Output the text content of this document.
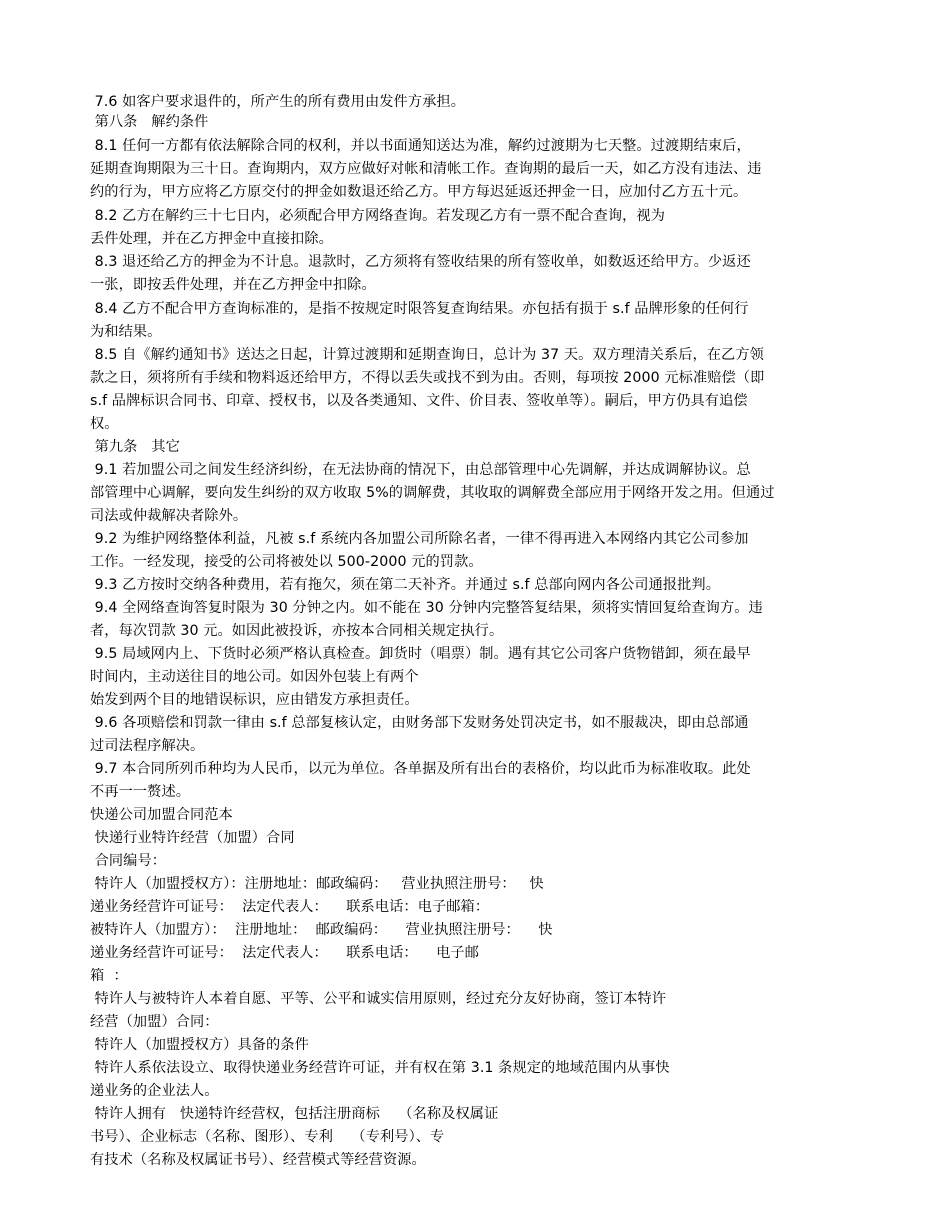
7.6 如客户要求退件的，所产生的所有费用由发件方承担。
第八条   解约条件
8.1 任何一方都有依法解除合同的权利，并以书面通知送达为准，解约过渡期为七天整。过渡期结束后，
延期查询期限为三十日。查询期内，双方应做好对帐和清帐工作。查询期的最后一天，如乙方没有违法、违
约的行为，甲方应将乙方原交付的押金如数退还给乙方。甲方每迟延返还押金一日，应加付乙方五十元。
8.2 乙方在解约三十七日内，必须配合甲方网络查询。若发现乙方有一票不配合查询，视为
丢件处理，并在乙方押金中直接扣除。
8.3 退还给乙方的押金为不计息。退款时，乙方须将有签收结果的所有签收单，如数返还给甲方。少返还
一张，即按丢件处理，并在乙方押金中扣除。
8.4 乙方不配合甲方查询标准的，是指不按规定时限答复查询结果。亦包括有损于 s.f 品牌形象的任何行
为和结果。
8.5 自《解约通知书》送达之日起，计算过渡期和延期查询日，总计为 37 天。双方理清关系后，在乙方领
款之日，须将所有手续和物料返还给甲方，不得以丢失或找不到为由。否则，每项按 2000 元标准赔偿（即
s.f 品牌标识合同书、印章、授权书，以及各类通知、文件、价目表、签收单等）。嗣后，甲方仍具有追偿
权。
第九条   其它
9.1 若加盟公司之间发生经济纠纷，在无法协商的情况下，由总部管理中心先调解，并达成调解协议。总
部管理中心调解，要向发生纠纷的双方收取 5%的调解费，其收取的调解费全部应用于网络开发之用。但通过
司法或仲裁解决者除外。
9.2 为维护网络整体利益，凡被 s.f 系统内各加盟公司所除名者，一律不得再进入本网络内其它公司参加
工作。一经发现，接受的公司将被处以 500-2000 元的罚款。
9.3 乙方按时交纳各种费用，若有拖欠，须在第二天补齐。并通过 s.f 总部向网内各公司通报批判。
9.4 全网络查询答复时限为 30 分钟之内。如不能在 30 分钟内完整答复结果，须将实情回复给查询方。违
者，每次罚款 30 元。如因此被投诉，亦按本合同相关规定执行。
9.5 局域网内上、下货时必须严格认真检查。卸货时（唱票）制。遇有其它公司客户货物错卸，须在最早
时间内，主动送往目的地公司。如因外包装上有两个
始发到两个目的地错误标识，应由错发方承担责任。
9.6 各项赔偿和罚款一律由 s.f 总部复核认定，由财务部下发财务处罚决定书，如不服裁决，即由总部通
过司法程序解决。
9.7 本合同所列币种均为人民币，以元为单位。各单据及所有出台的表格价，均以此币为标准收取。此处
不再一一赘述。
快递公司加盟合同范本
快递行业特许经营（加盟）合同
合同编号：
特许人（加盟授权方）：注册地址：邮政编码：   营业执照注册号：   快
递业务经营许可证号：  法定代表人：    联系电话：电子邮箱：
被特许人（加盟方）：  注册地址：  邮政编码：    营业执照注册号：    快
递业务经营许可证号：  法定代表人：    联系电话：    电子邮
箱  ：
特许人与被特许人本着自愿、平等、公平和诚实信用原则，经过充分友好协商，签订本特许
经营（加盟）合同：
特许人（加盟授权方）具备的条件
特许人系依法设立、取得快递业务经营许可证，并有权在第 3.1 条规定的地域范围内从事快
递业务的企业法人。
特许人拥有   快递特许经营权，包括注册商标    （名称及权属证
书号）、企业标志（名称、图形）、专利    （专利号）、专
有技术（名称及权属证书号）、经营模式等经营资源。
